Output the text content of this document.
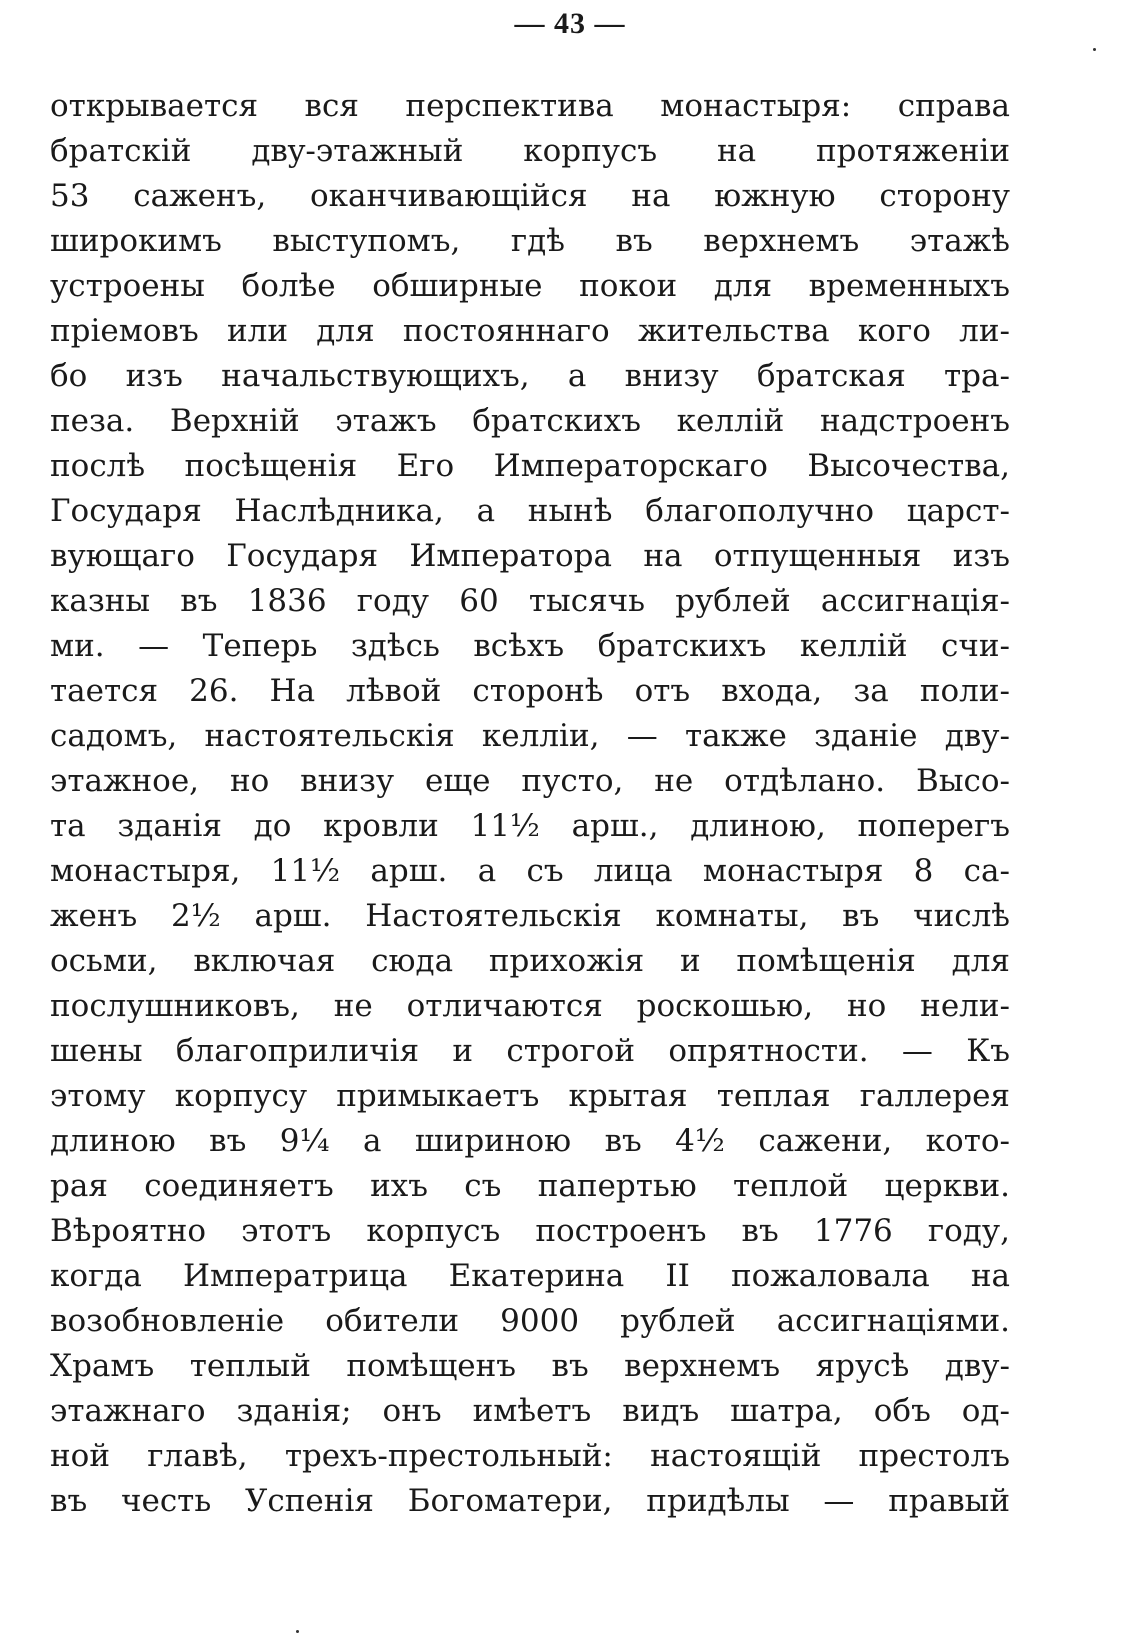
— 43 —
открывается вся перспектива монастыря: справа
братскій двy-этажный корпусъ на протяженіи
53 саженъ, оканчивающійся на южную сторону
широкимъ выступомъ, гдѣ въ верхнемъ этажѣ
устроены болѣе обширные покои для временныхъ
пріемовъ или для постояннаго жительства кого ли-
бо изъ начальствующихъ, а внизу братская тра-
пеза. Верхній этажъ братскихъ келлій надстроенъ
послѣ посѣщенія Его Императорскаго Высочества,
Государя Наслѣдника, а нынѣ благополучно царст-
вующаго Государя Императора на отпущенныя изъ
казны въ 1836 году 60 тысячь рублей ассигнація-
ми. — Теперь здѣсь всѣхъ братскихъ келлій счи-
тается 26. На лѣвой сторонѣ отъ входа, за поли-
садомъ, настоятельскія келліи, — также зданіе дву-
этажное, но внизу еще пусто, не отдѣлано. Высо-
та зданія до кровли 11½ арш., длиною, поперегъ
монастыря, 11½ арш. а съ лица монастыря 8 са-
женъ 2½ арш. Настоятельскія комнаты, въ числѣ
осьми, включая сюда прихожія и помѣщенія для
послушниковъ, не отличаются роскошью, но нели-
шены благоприличія и строгой опрятности. — Къ
этому корпусу примыкаетъ крытая теплая галлерея
длиною въ 9¼ а шириною въ 4½ сажени, кото-
рая соединяетъ ихъ съ папертью теплой церкви.
Вѣроятно этотъ корпусъ построенъ въ 1776 году,
когда Императрица Екатерина II пожаловала на
возобновленіе обители 9000 рублей ассигнаціями.
Храмъ теплый помѣщенъ въ верхнемъ ярусѣ дву-
этажнаго зданія; онъ имѣетъ видъ шатра, объ од-
ной главѣ, трехъ-престольный: настоящій престолъ
въ честь Успенія Богоматери, придѣлы — правый
